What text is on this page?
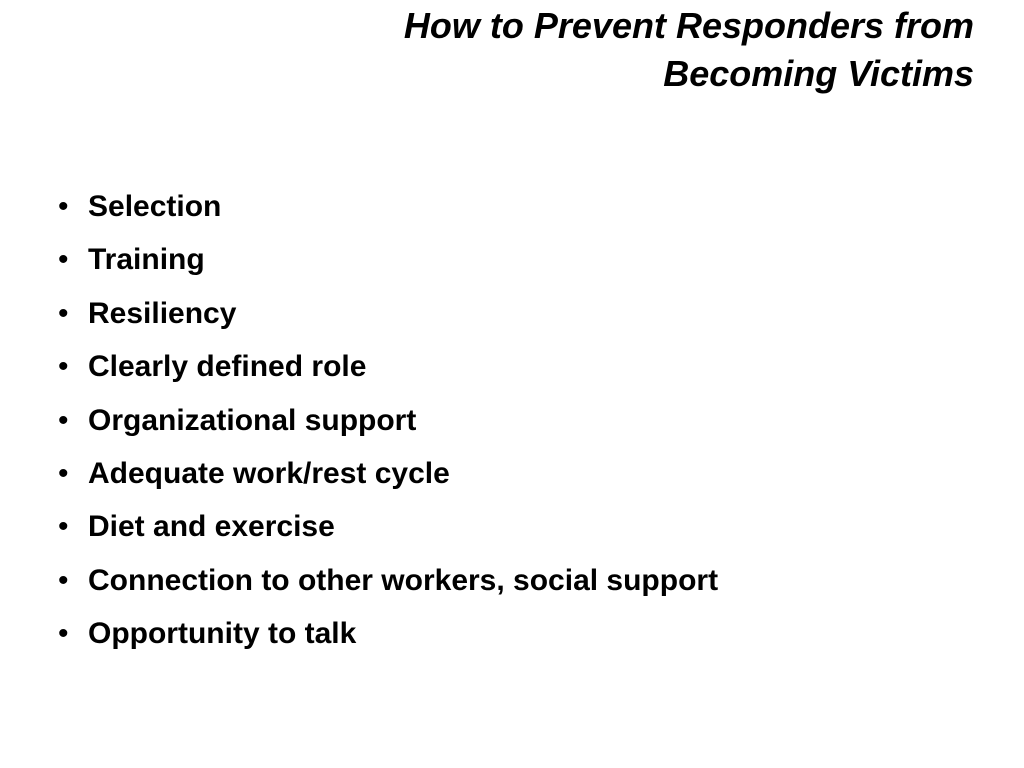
How to Prevent Responders from
Becoming Victims
• Selection
• Training
• Resiliency
• Clearly defined role
• Organizational support
• Adequate work/rest cycle
• Diet and exercise
• Connection to other workers, social support
• Opportunity to talk
